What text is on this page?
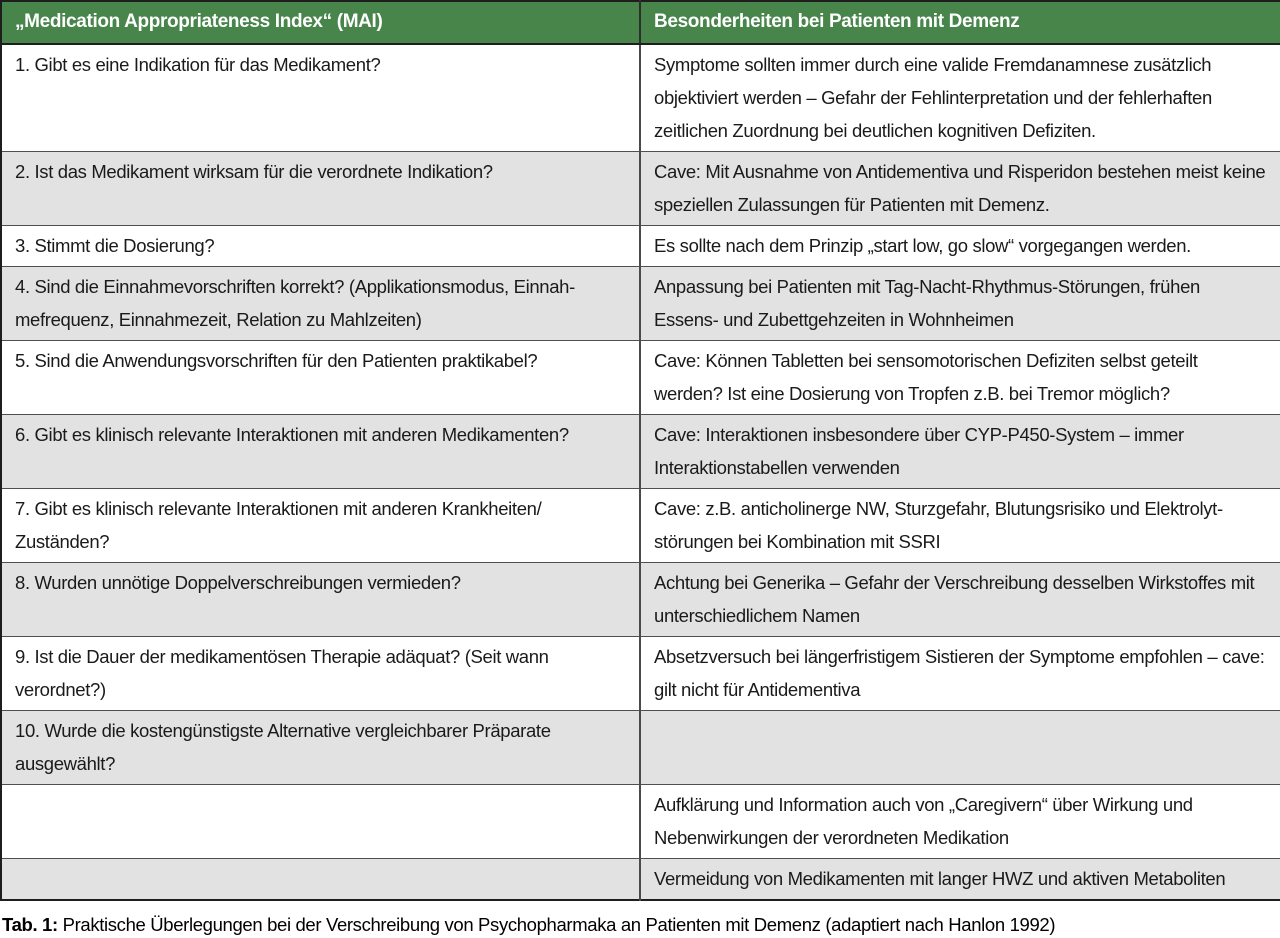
„Medication Appropriateness Index“ (MAI)	Besonderheiten bei Patienten mit Demenz
1. Gibt es eine Indikation für das Medikament?	Symptome sollten immer durch eine valide Fremdanamnese zusätzlich objektiviert werden – Gefahr der Fehlinterpretation und der fehlerhaften zeitlichen Zuordnung bei deutlichen kognitiven Defiziten.
2. Ist das Medikament wirksam für die verordnete Indikation?	Cave: Mit Ausnahme von Antidementiva und Risperidon bestehen meist keine speziellen Zulassungen für Patienten mit Demenz.
3. Stimmt die Dosierung?	Es sollte nach dem Prinzip „start low, go slow“ vorgegangen werden.
4. Sind die Einnahmevorschriften korrekt? (Applikationsmodus, Einnahmefrequenz, Einnahmezeit, Relation zu Mahlzeiten)	Anpassung bei Patienten mit Tag-Nacht-Rhythmus-Störungen, frühen Essens- und Zubettgehzeiten in Wohnheimen
5. Sind die Anwendungsvorschriften für den Patienten praktikabel?	Cave: Können Tabletten bei sensomotorischen Defiziten selbst geteilt werden? Ist eine Dosierung von Tropfen z.B. bei Tremor möglich?
6. Gibt es klinisch relevante Interaktionen mit anderen Medikamenten?	Cave: Interaktionen insbesondere über CYP-P450-System – immer Interaktionstabellen verwenden
7. Gibt es klinisch relevante Interaktionen mit anderen Krankheiten/ Zuständen?	Cave: z.B. anticholinerge NW, Sturzgefahr, Blutungsrisiko und Elektrolytstörungen bei Kombination mit SSRI
8. Wurden unnötige Doppelverschreibungen vermieden?	Achtung bei Generika – Gefahr der Verschreibung desselben Wirkstoffes mit unterschiedlichem Namen
9. Ist die Dauer der medikamentösen Therapie adäquat? (Seit wann verordnet?)	Absetzversuch bei längerfristigem Sistieren der Symptome empfohlen – cave: gilt nicht für Antidementiva
10. Wurde die kostengünstigste Alternative vergleichbarer Präparate ausgewählt?	
	Aufklärung und Information auch von „Caregivern“ über Wirkung und Nebenwirkungen der verordneten Medikation
	Vermeidung von Medikamenten mit langer HWZ und aktiven Metaboliten

Tab. 1: Praktische Überlegungen bei der Verschreibung von Psychopharmaka an Patienten mit Demenz (adaptiert nach Hanlon 1992)
